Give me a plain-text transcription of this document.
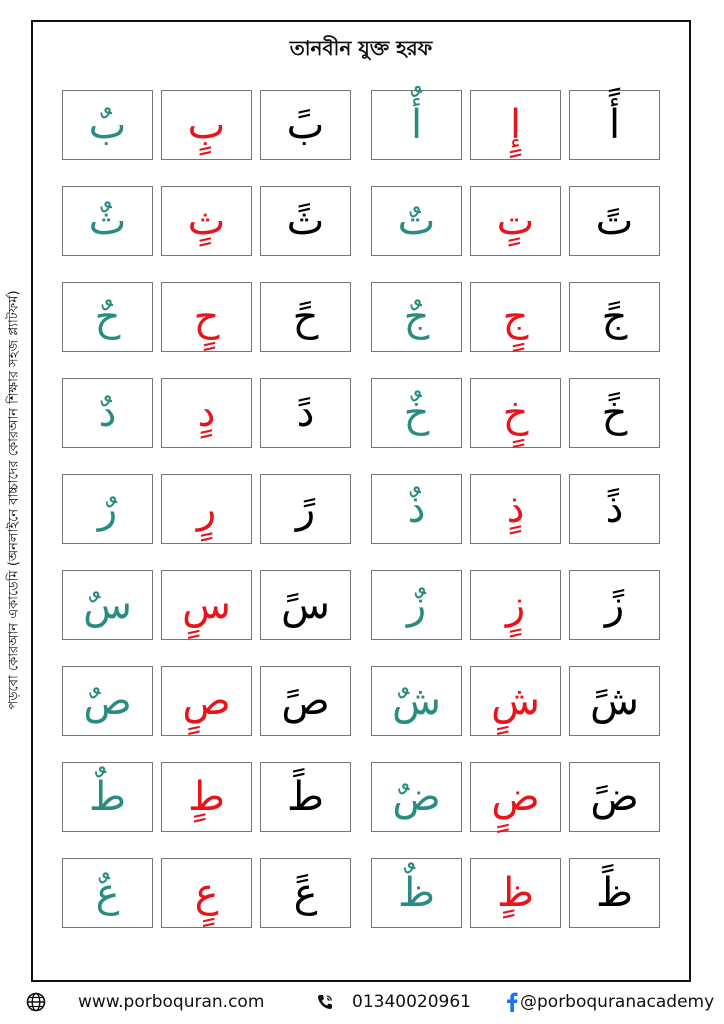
তানবীন যুক্ত হরফ
পড়বো কোরআন একাডেমি (অনলাইনে বাচ্চাদের কোরআন শিক্ষার সহজ প্ল্যাটফর্ম)
بٌ بٍ بً أٌ إٍ أً
ثٌ ثٍ ثً تٌ تٍ تً
حٌ حٍ حً جٌ جٍ جً
دٌ دٍ دً خٌ خٍ خً
رٌ رٍ رً ذٌ ذٍ ذً
سٌ سٍ سً زٌ زٍ زً
صٌ صٍ صً شٌ شٍ شً
طٌ طٍ طً ضٌ ضٍ ضً
عٌ عٍ عً ظٌ ظٍ ظً
www.porboquran.com	01340020961	@porboquranacademy
